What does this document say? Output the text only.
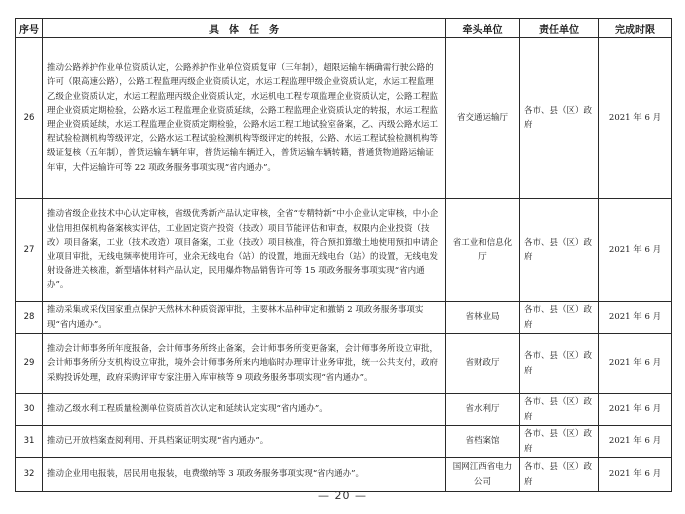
序号	具　体　任　务	牵头单位	责任单位	完成时限
26	推动公路养护作业单位资质认定，公路养护作业单位资质复审（三年制），超限运输车辆确需行驶公路的许可（限高速公路），公路工程监理丙级企业资质认定，水运工程监理甲级企业资质认定，水运工程监理乙级企业资质认定，水运工程监理丙级企业资质认定，水运机电工程专项监理企业资质认定，公路工程监理企业资质定期检验，公路水运工程监理企业资质延续，公路工程监理企业资质认定的转报，水运工程监理企业资质延续，水运工程监理企业资质定期检验，公路水运工程工地试验室备案，乙、丙级公路水运工程试验检测机构等级评定，公路水运工程试验检测机构等级评定的转报，公路、水运工程试验检测机构等级证复核（五年制），普货运输车辆年审，普货运输车辆迁入，普货运输车辆转籍，普通货物道路运输证年审，大件运输许可等 22 项政务服务事项实现“省内通办”。	省交通运输厅	各市、县（区）政府	2021 年 6 月
27	推动省级企业技术中心认定审核，省级优秀新产品认定审核，全省“专精特新”中小企业认定审核，中小企业信用担保机构备案核实评估，工业固定资产投资（技改）项目节能评估和审查，权限内企业投资（技改）项目备案，工业（技术改造）项目备案，工业（技改）项目核准，符合预扣算缴土地使用预扣申请企业项目审批，无线电频率使用许可，业余无线电台（站）的设置，地面无线电台（站）的设置，无线电发射设备进关核准，新型墙体材料产品认定，民用爆炸物品销售许可等 15 项政务服务事项实现“省内通办”。	省工业和信息化厅	各市、县（区）政府	2021 年 6 月
28	推动采集或采伐国家重点保护天然林木种质资源审批，主要林木品种审定和撤销 2 项政务服务事项实现“省内通办”。	省林业局	各市、县（区）政府	2021 年 6 月
29	推动会计师事务所年度报备，会计师事务所终止备案，会计师事务所变更备案，会计师事务所设立审批，会计师事务所分支机构设立审批，境外会计师事务所来内地临时办理审计业务审批，统一公共支付，政府采购投诉处理，政府采购评审专家注册入库审核等 9 项政务服务事项实现“省内通办”。	省财政厅	各市、县（区）政府	2021 年 6 月
30	推动乙级水利工程质量检测单位资质首次认定和延续认定实现“省内通办”。	省水利厅	各市、县（区）政府	2021 年 6 月
31	推动已开放档案查阅利用、开具档案证明实现“省内通办”。	省档案馆	各市、县（区）政府	2021 年 6 月
32	推动企业用电报装，居民用电报装，电费缴纳等 3 项政务服务事项实现“省内通办”。	国网江西省电力公司	各市、县（区）政府	2021 年 6 月
— 20 —
